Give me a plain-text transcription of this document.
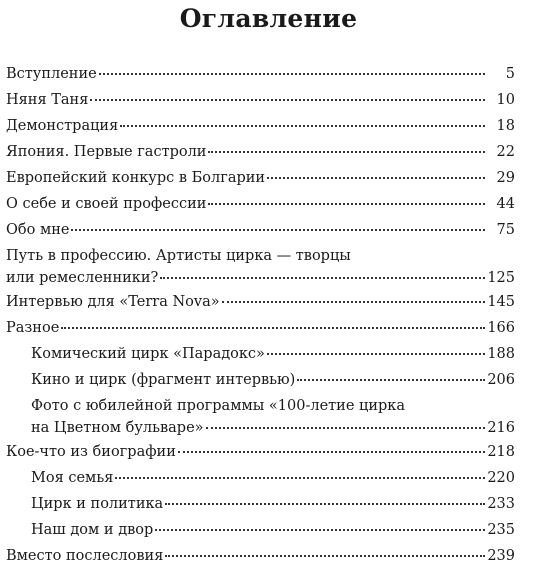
Оглавление
Вступление	5
Няня Таня	10
Демонстрация	18
Япония. Первые гастроли	22
Европейский конкурс в Болгарии	29
О себе и своей профессии	44
Обо мне	75
Путь в профессию. Артисты цирка — творцы
или ремесленники?	125
Интервью для «Terra Nova»	145
Разное	166
Комический цирк «Парадокс»	188
Кино и цирк (фрагмент интервью)	206
Фото с юбилейной программы «100-летие цирка
на Цветном бульваре»	216
Кое-что из биографии	218
Моя семья	220
Цирк и политика	233
Наш дом и двор	235
Вместо послесловия	239
